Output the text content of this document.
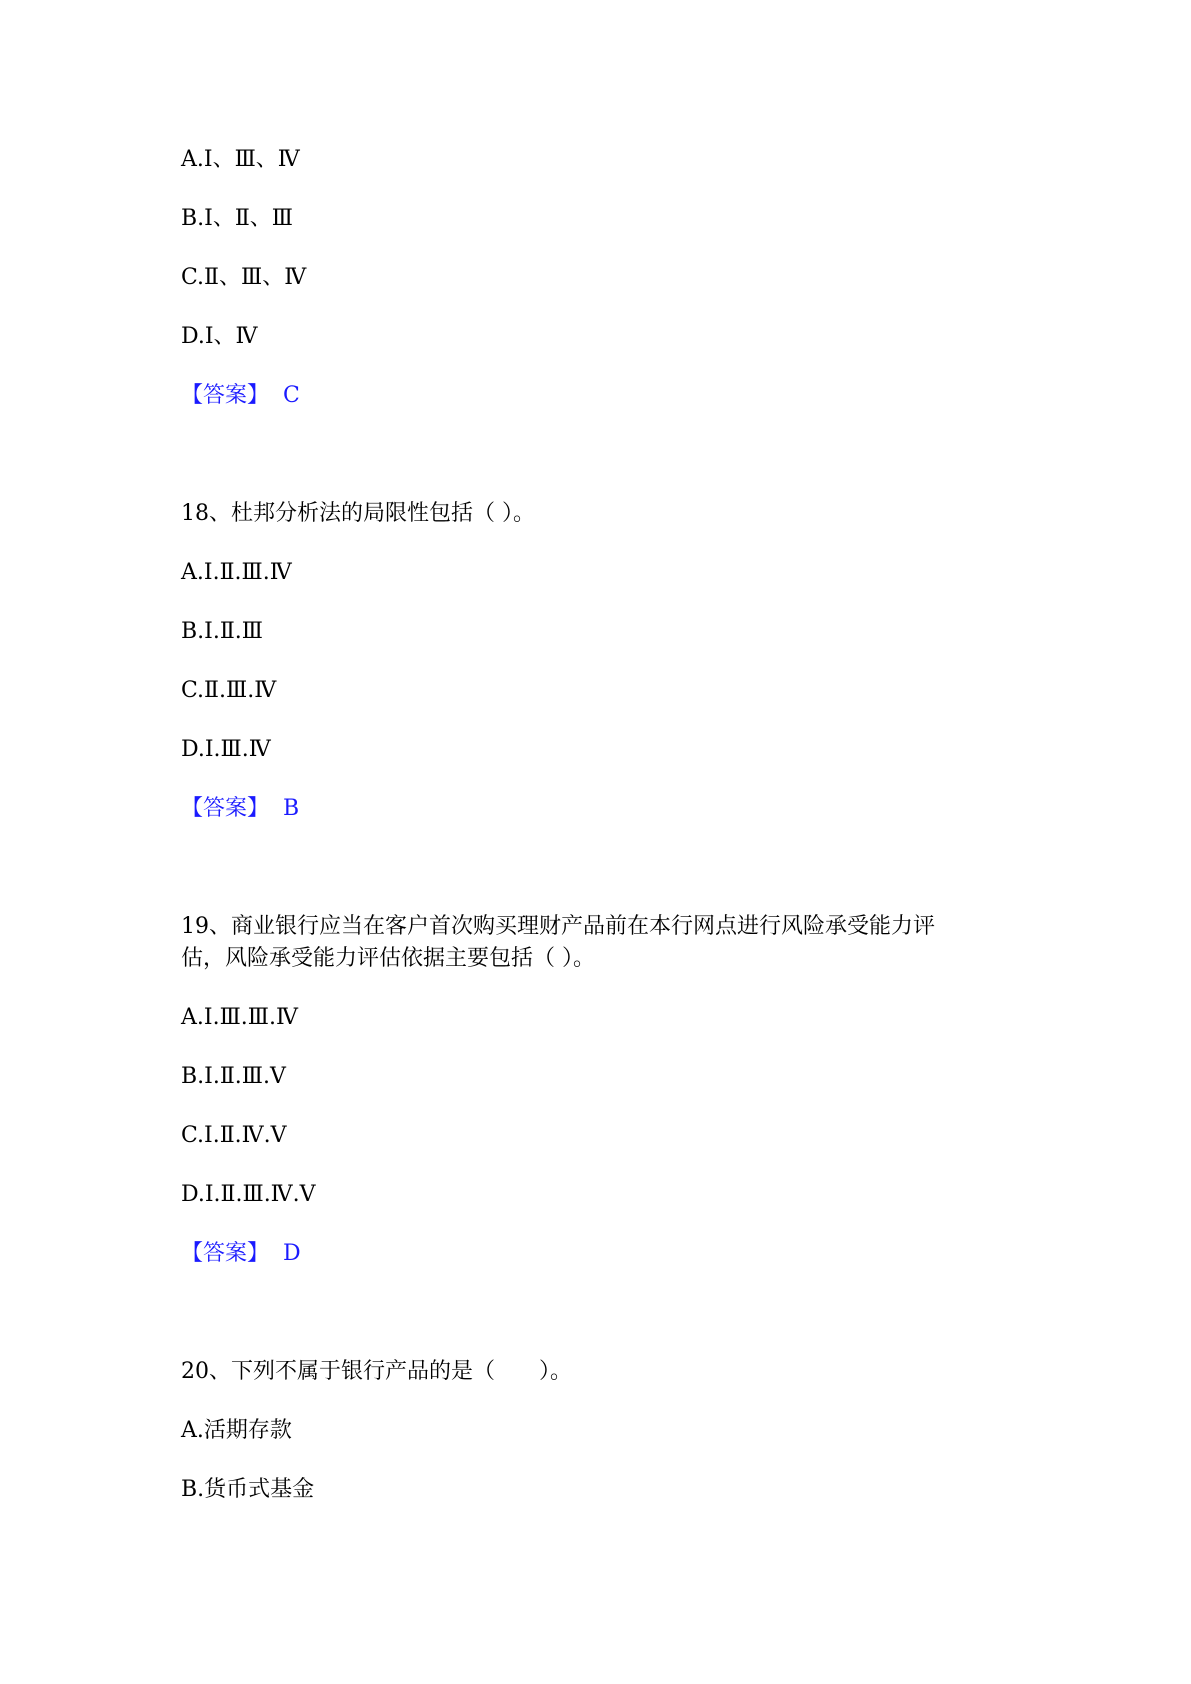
A.Ⅰ、Ⅲ、Ⅳ
B.Ⅰ、Ⅱ、Ⅲ
C.Ⅱ、Ⅲ、Ⅳ
D.Ⅰ、Ⅳ
【答案】 C
18、杜邦分析法的局限性包括（ ）。
A.Ⅰ.Ⅱ.Ⅲ.Ⅳ
B.Ⅰ.Ⅱ.Ⅲ
C.Ⅱ.Ⅲ.Ⅳ
D.Ⅰ.Ⅲ.Ⅳ
【答案】 B
19、商业银行应当在客户首次购买理财产品前在本行网点进行风险承受能力评
估，风险承受能力评估依据主要包括（ ）。
A.Ⅰ.Ⅲ.Ⅲ.Ⅳ
B.Ⅰ.Ⅱ.Ⅲ.Ⅴ
C.Ⅰ.Ⅱ.Ⅳ.Ⅴ
D.Ⅰ.Ⅱ.Ⅲ.Ⅳ.Ⅴ
【答案】 D
20、下列不属于银行产品的是（　　）。
A.活期存款
B.货币式基金
